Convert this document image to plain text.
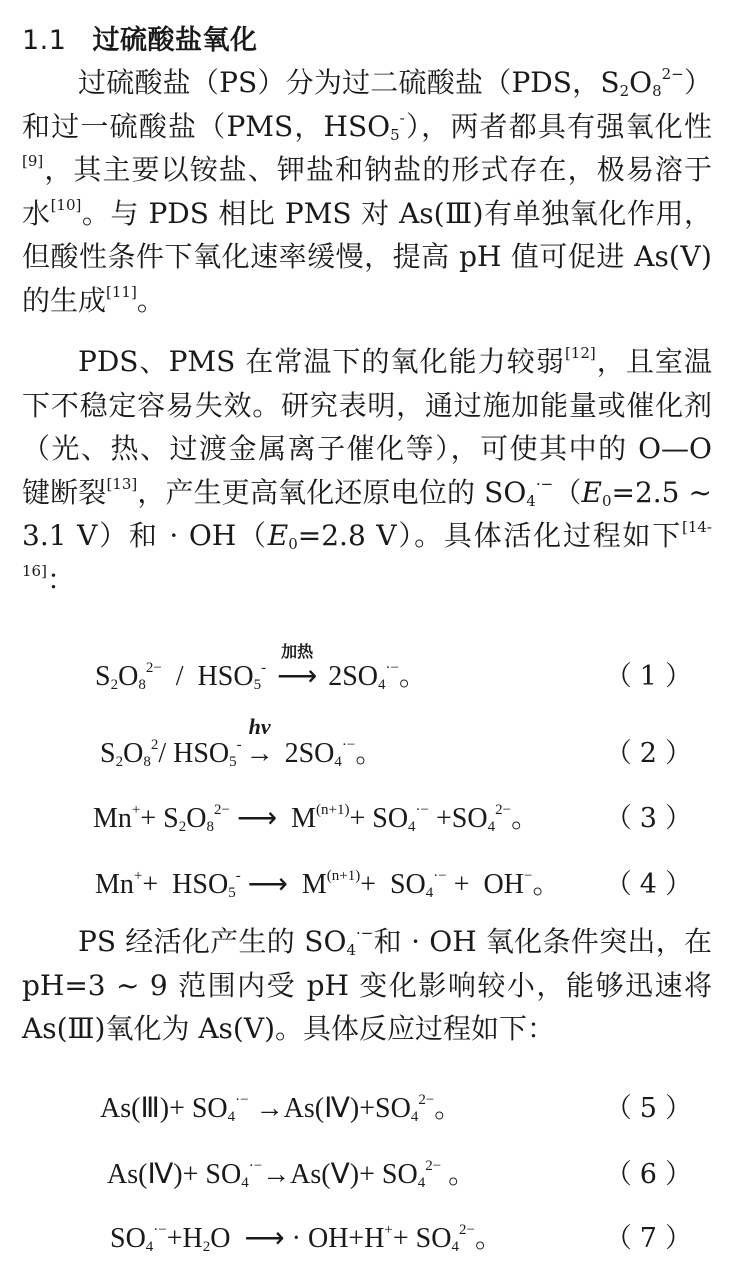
1.1 过硫酸盐氧化

过硫酸盐（PS）分为过二硫酸盐（PDS，$S_2O_8^{2-}$）和过一硫酸盐（PMS，$HSO_5^-$），两者都具有强氧化性[9]，其主要以铵盐、钾盐和钠盐的形式存在，极易溶于水[10]。与 PDS 相比 PMS 对 As(Ⅲ)有单独氧化作用，但酸性条件下氧化速率缓慢，提高 pH 值可促进 As(Ⅴ)的生成[11]。

PDS、PMS 在常温下的氧化能力较弱[12]，且室温下不稳定容易失效。研究表明，通过施加能量或催化剂（光、热、过渡金属离子催化等），可使其中的 O—O 键断裂[13]，产生更高氧化还原电位的 $SO_4^{\cdot-}(E_0=2.5$ ~ 3.1 V）和 · $OH(E_0=2.8$ V）。具体活化过程如下[14-16]：

$S_2O_8^{2-} / HSO_5^-$
加热
⟶ $2SO_4^{\cdot-}$。	（1）
$S_2O_8^2/$ $HSO_5^-$
hv
→ $2SO_4^{\cdot-}$。	（2）
$Mn^++ S_2O_8^{2-}$ ⟶  $M^{(n+1)}+ SO_4^{\cdot-} +SO_4^{2-}$。 （3）
$Mn^++ HSO_5^-$ ⟶  $M^{(n+1)}+ SO_4^{\cdot-} + OH^-$。 （4）

PS 经活化产生的 $SO_4^{\cdot-}$和 · OH 氧化条件突出，在 pH=3 ~ 9 范围内受 pH 变化影响较小，能够迅速将 As(Ⅲ)氧化为 As(Ⅴ)。具体反应过程如下：

As(Ⅲ)+ $SO_4^{\cdot-}$ $\to As(Ⅳ)+SO_4^{2-}$。	（5）
As(Ⅳ)+ $SO_4^{\cdot-}\to As(Ⅴ)+ SO_4^{2-}$ 。	（6）
$SO_4^{\cdot-}+H_2O$  ⟶ · $OH+H^++ SO_4^{2-}$。	（7）
